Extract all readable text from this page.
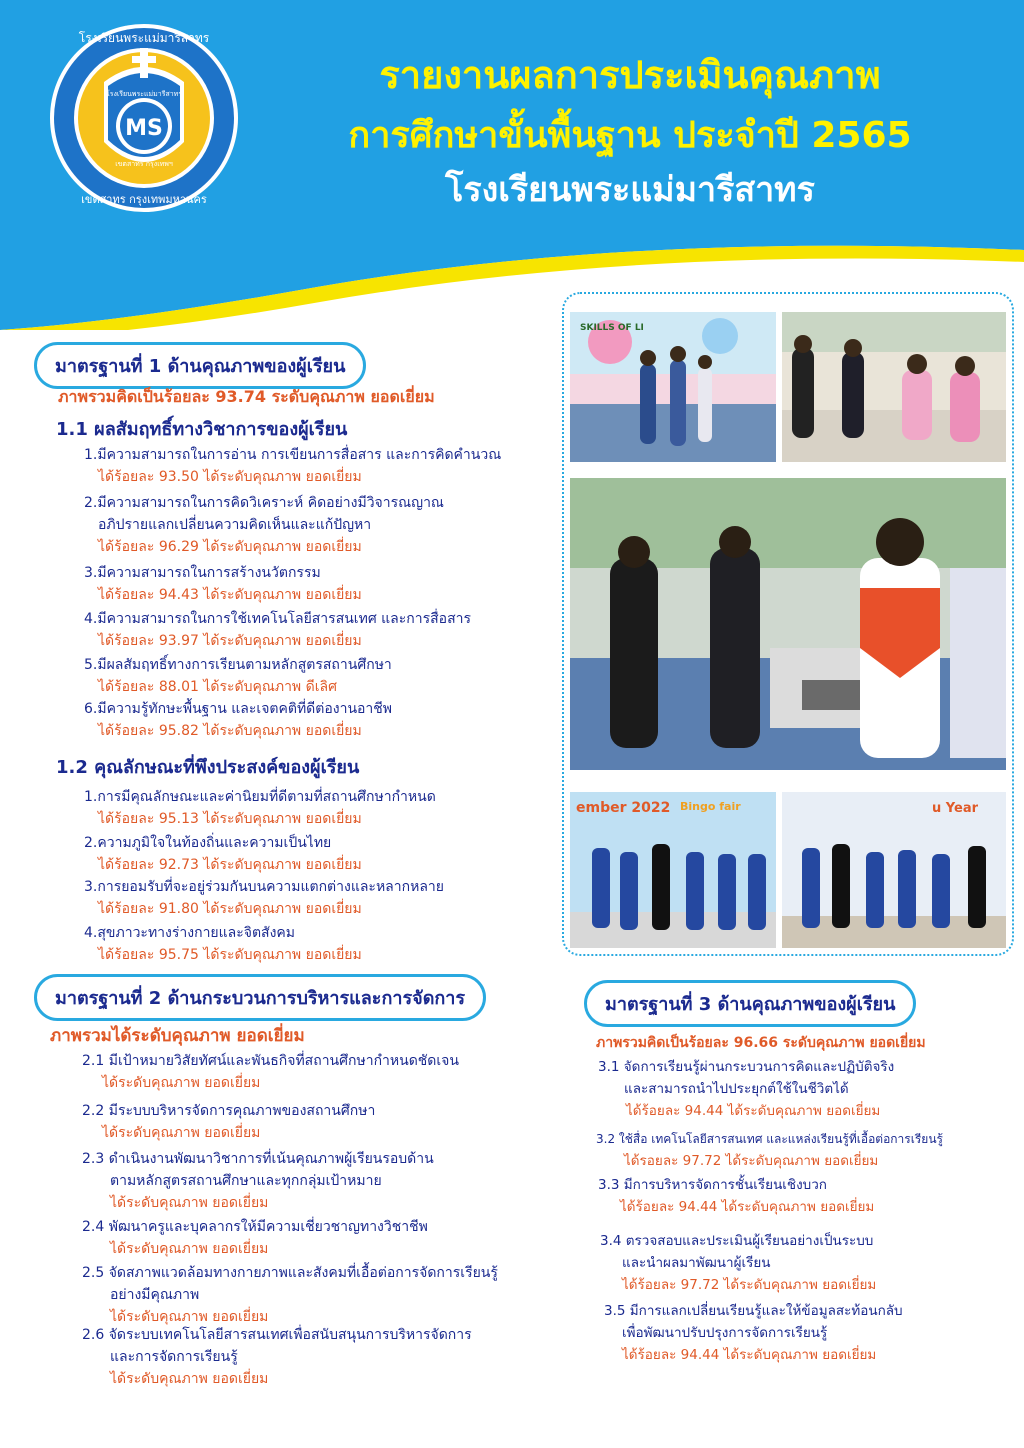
MS
โรงเรียนพระแม่มารีสาทร
เขตสาทร กรุงเทพฯ
โรงเรียนพระแม่มารีสาทร
เขตสาทร กรุงเทพมหานคร
รายงานผลการประเมินคุณภาพ
การศึกษาขั้นพื้นฐาน ประจำปี 2565
โรงเรียนพระแม่มารีสาทร
มาตรฐานที่ 1 ด้านคุณภาพของผู้เรียน
ภาพรวมคิดเป็นร้อยละ 93.74 ระดับคุณภาพ ยอดเยี่ยม
1.1 ผลสัมฤทธิ์ทางวิชาการของผู้เรียน
1.มีความสามารถในการอ่าน การเขียนการสื่อสาร และการคิดคำนวณ
ได้ร้อยละ 93.50 ได้ระดับคุณภาพ ยอดเยี่ยม
2.มีความสามารถในการคิดวิเคราะห์ คิดอย่างมีวิจารณญาณ
อภิปรายแลกเปลี่ยนความคิดเห็นและแก้ปัญหา
ได้ร้อยละ 96.29 ได้ระดับคุณภาพ ยอดเยี่ยม
3.มีความสามารถในการสร้างนวัตกรรม
ได้ร้อยละ 94.43 ได้ระดับคุณภาพ ยอดเยี่ยม
4.มีความสามารถในการใช้เทคโนโลยีสารสนเทศ และการสื่อสาร
ได้ร้อยละ 93.97 ได้ระดับคุณภาพ ยอดเยี่ยม
5.มีผลสัมฤทธิ์ทางการเรียนตามหลักสูตรสถานศึกษา
ได้ร้อยละ 88.01 ได้ระดับคุณภาพ ดีเลิศ
6.มีความรู้ทักษะพื้นฐาน และเจตคติที่ดีต่องานอาชีพ
ได้ร้อยละ 95.82 ได้ระดับคุณภาพ ยอดเยี่ยม
1.2 คุณลักษณะที่พึงประสงค์ของผู้เรียน
1.การมีคุณลักษณะและค่านิยมที่ดีตามที่สถานศึกษากำหนด
ได้ร้อยละ 95.13 ได้ระดับคุณภาพ ยอดเยี่ยม
2.ความภูมิใจในท้องถิ่นและความเป็นไทย
ได้ร้อยละ 92.73 ได้ระดับคุณภาพ ยอดเยี่ยม
3.การยอมรับที่จะอยู่ร่วมกันบนความแตกต่างและหลากหลาย
ได้ร้อยละ 91.80 ได้ระดับคุณภาพ ยอดเยี่ยม
4.สุขภาวะทางร่างกายและจิตสังคม
ได้ร้อยละ 95.75 ได้ระดับคุณภาพ ยอดเยี่ยม
SKILLS OF LI
ember 2022 Bingo fair	u Year
มาตรฐานที่ 2 ด้านกระบวนการบริหารและการจัดการ
ภาพรวมได้ระดับคุณภาพ ยอดเยี่ยม
2.1 มีเป้าหมายวิสัยทัศน์และพันธกิจที่สถานศึกษากำหนดชัดเจน
ได้ระดับคุณภาพ ยอดเยี่ยม
2.2 มีระบบบริหารจัดการคุณภาพของสถานศึกษา
ได้ระดับคุณภาพ ยอดเยี่ยม
2.3 ดำเนินงานพัฒนาวิชาการที่เน้นคุณภาพผู้เรียนรอบด้าน
ตามหลักสูตรสถานศึกษาและทุกกลุ่มเป้าหมาย
ได้ระดับคุณภาพ ยอดเยี่ยม
2.4 พัฒนาครูและบุคลากรให้มีความเชี่ยวชาญทางวิชาชีพ
ได้ระดับคุณภาพ ยอดเยี่ยม
2.5 จัดสภาพแวดล้อมทางกายภาพและสังคมที่เอื้อต่อการจัดการเรียนรู้
อย่างมีคุณภาพ
ได้ระดับคุณภาพ ยอดเยี่ยม
2.6 จัดระบบเทคโนโลยีสารสนเทศเพื่อสนับสนุนการบริหารจัดการ
และการจัดการเรียนรู้
ได้ระดับคุณภาพ ยอดเยี่ยม
มาตรฐานที่ 3 ด้านคุณภาพของผู้เรียน
ภาพรวมคิดเป็นร้อยละ 96.66 ระดับคุณภาพ ยอดเยี่ยม
3.1 จัดการเรียนรู้ผ่านกระบวนการคิดและปฏิบัติจริง
และสามารถนำไปประยุกต์ใช้ในชีวิตได้
ได้ร้อยละ 94.44 ได้ระดับคุณภาพ ยอดเยี่ยม
3.2 ใช้สื่อ เทคโนโลยีสารสนเทศ และแหล่งเรียนรู้ที่เอื้อต่อการเรียนรู้
ได้รอยละ 97.72 ได้ระดับคุณภาพ ยอดเยี่ยม
3.3 มีการบริหารจัดการชั้นเรียนเชิงบวก
ได้ร้อยละ 94.44 ได้ระดับคุณภาพ ยอดเยี่ยม
3.4 ตรวจสอบและประเมินผู้เรียนอย่างเป็นระบบ
และนำผลมาพัฒนาผู้เรียน
ได้ร้อยละ 97.72 ได้ระดับคุณภาพ ยอดเยี่ยม
3.5 มีการแลกเปลี่ยนเรียนรู้และให้ข้อมูลสะท้อนกลับ
เพื่อพัฒนาปรับปรุงการจัดการเรียนรู้
ได้ร้อยละ 94.44 ได้ระดับคุณภาพ ยอดเยี่ยม
